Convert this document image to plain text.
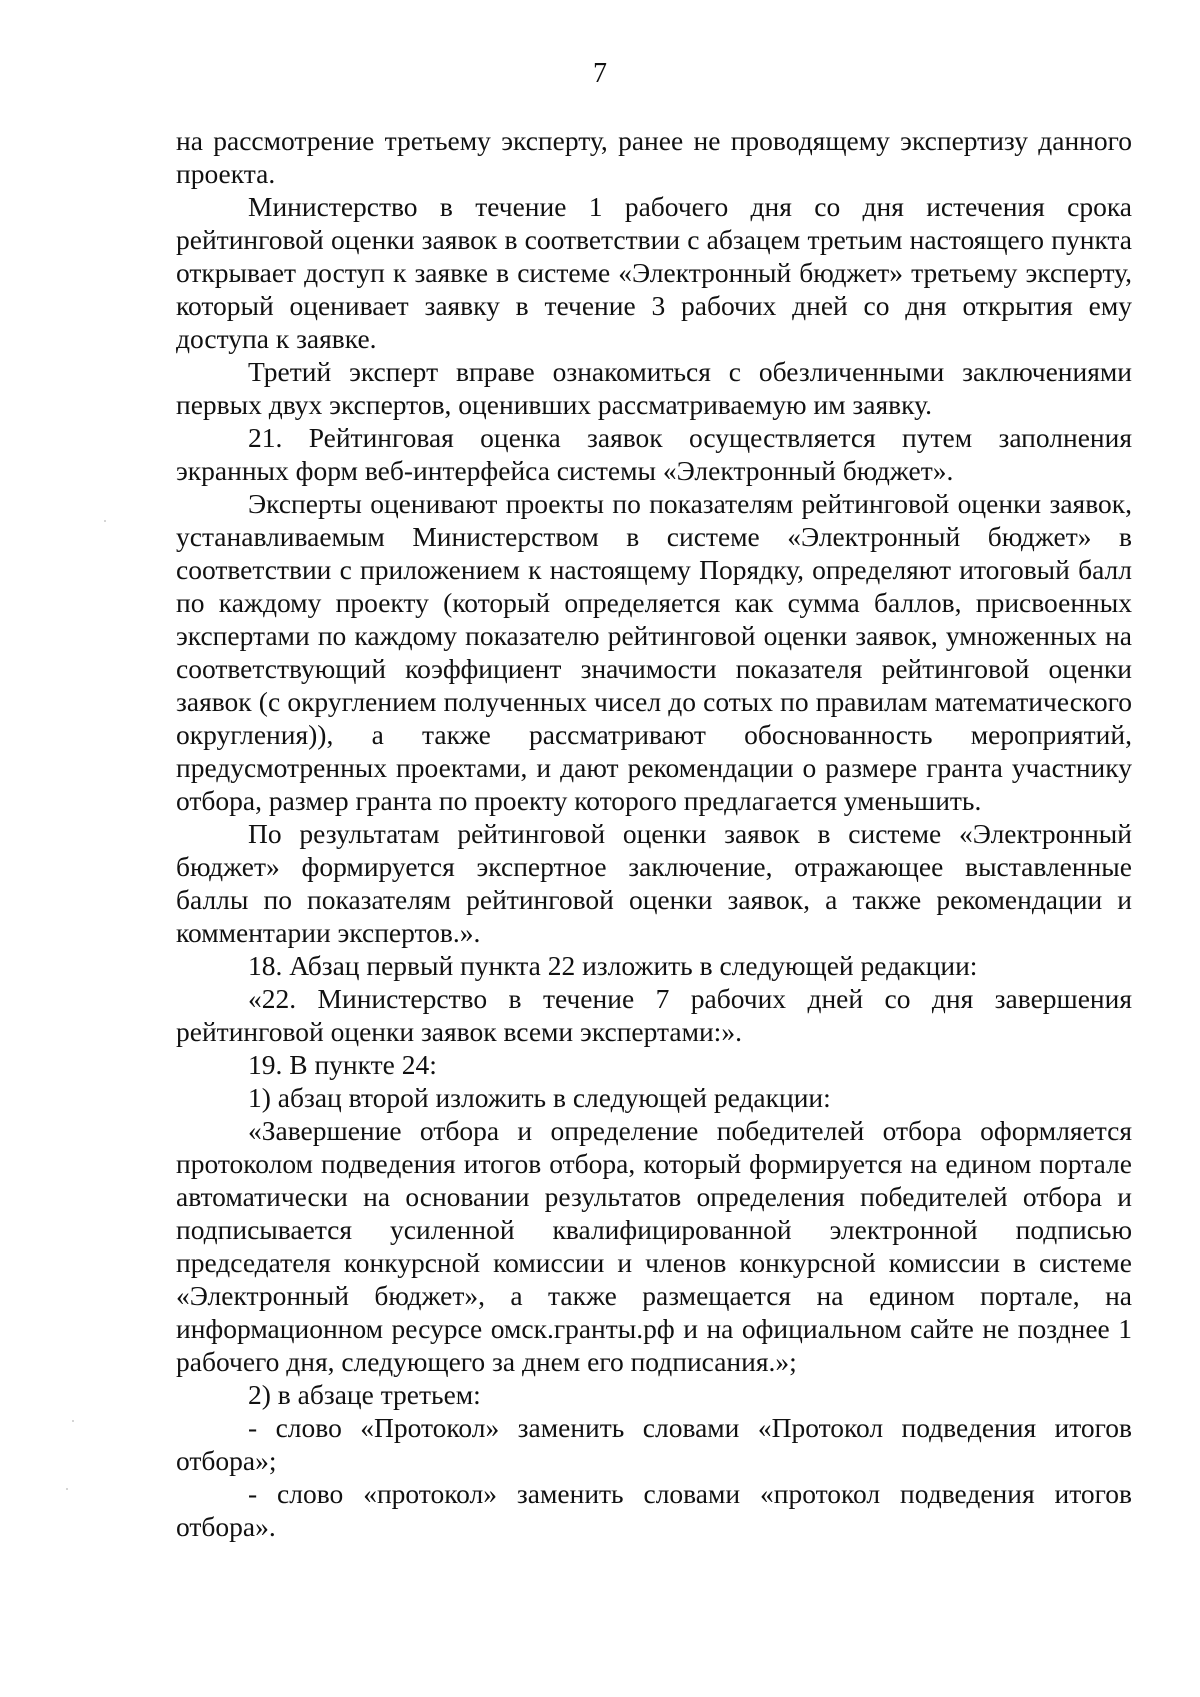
7

на рассмотрение третьему эксперту, ранее не проводящему экспертизу данного проекта.

Министерство в течение 1 рабочего дня со дня истечения срока рейтинговой оценки заявок в соответствии с абзацем третьим настоящего пункта открывает доступ к заявке в системе «Электронный бюджет» третьему эксперту, который оценивает заявку в течение 3 рабочих дней со дня открытия ему доступа к заявке.

Третий эксперт вправе ознакомиться с обезличенными заключениями первых двух экспертов, оценивших рассматриваемую им заявку.

21. Рейтинговая оценка заявок осуществляется путем заполнения экранных форм веб-интерфейса системы «Электронный бюджет».

Эксперты оценивают проекты по показателям рейтинговой оценки заявок, устанавливаемым Министерством в системе «Электронный бюджет» в соответствии с приложением к настоящему Порядку, определяют итоговый балл по каждому проекту (который определяется как сумма баллов, присвоенных экспертами по каждому показателю рейтинговой оценки заявок, умноженных на соответствующий коэффициент значимости показателя рейтинговой оценки заявок (с округлением полученных чисел до сотых по правилам математического округления)), а также рассматривают обоснованность мероприятий, предусмотренных проектами, и дают рекомендации о размере гранта участнику отбора, размер гранта по проекту которого предлагается уменьшить.

По результатам рейтинговой оценки заявок в системе «Электронный бюджет» формируется экспертное заключение, отражающее выставленные баллы по показателям рейтинговой оценки заявок, а также рекомендации и комментарии экспертов.».

18. Абзац первый пункта 22 изложить в следующей редакции:

«22. Министерство в течение 7 рабочих дней со дня завершения рейтинговой оценки заявок всеми экспертами:».

19. В пункте 24:

1) абзац второй изложить в следующей редакции:

«Завершение отбора и определение победителей отбора оформляется протоколом подведения итогов отбора, который формируется на едином портале автоматически на основании результатов определения победителей отбора и подписывается усиленной квалифицированной электронной подписью председателя конкурсной комиссии и членов конкурсной комиссии в системе «Электронный бюджет», а также размещается на едином портале, на информационном ресурсе омск.гранты.рф и на официальном сайте не позднее 1 рабочего дня, следующего за днем его подписания.»;

2) в абзаце третьем:

- слово «Протокол» заменить словами «Протокол подведения итогов отбора»;

- слово «протокол» заменить словами «протокол подведения итогов отбора».
